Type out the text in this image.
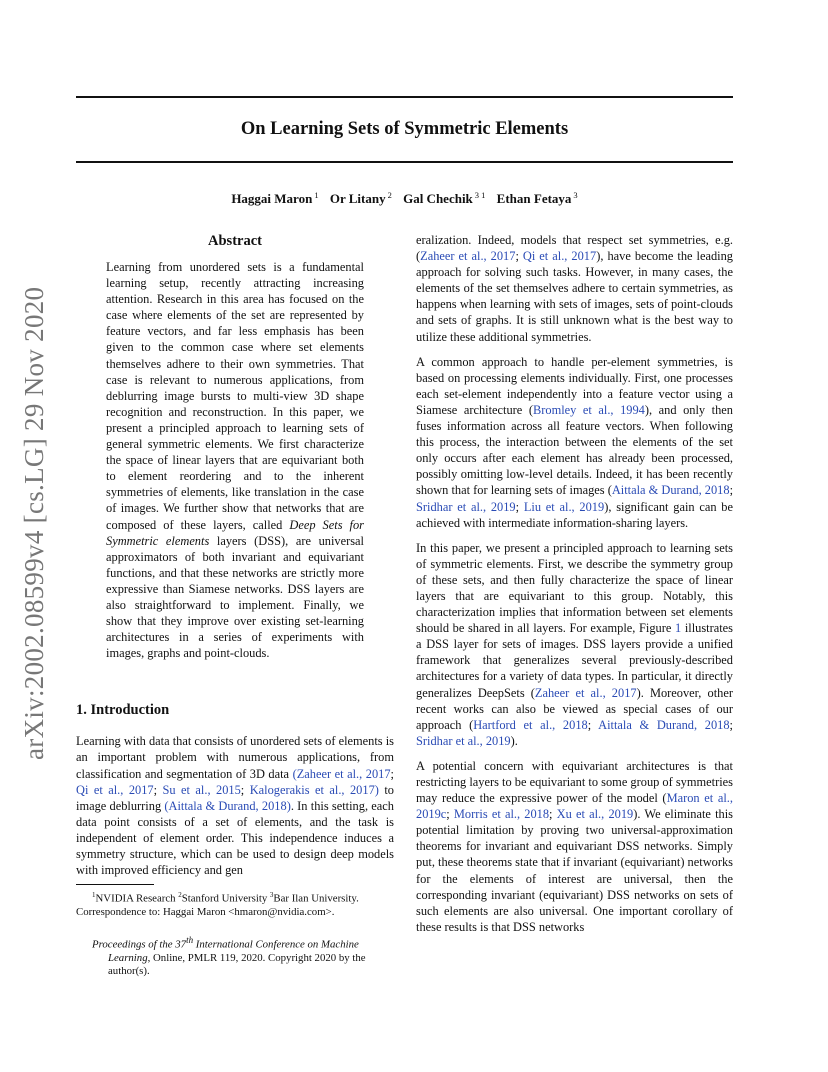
arXiv:2002.08599v4 [cs.LG] 29 Nov 2020
On Learning Sets of Symmetric Elements
Haggai Maron $^1$ Or Litany $^2$ Gal Chechik $^{3 1}$ Ethan Fetaya $^3$
Abstract

Learning from unordered sets is a fundamental learning setup, recently attracting increasing attention. Research in this area has focused on the case where elements of the set are represented by feature vectors, and far less emphasis has been given to the common case where set elements themselves adhere to their own symmetries. That case is relevant to numerous applications, from deblurring image bursts to multi-view 3D shape recognition and reconstruction. In this paper, we present a principled approach to learning sets of general symmetric elements. We first characterize the space of linear layers that are equivariant both to element reordering and to the inherent symmetries of elements, like translation in the case of images. We further show that networks that are composed of these layers, called Deep Sets for Symmetric elements layers (DSS), are universal approximators of both invariant and equivariant functions, and that these networks are strictly more expressive than Siamese networks. DSS layers are also straightforward to implement. Finally, we show that they improve over existing set-learning architectures in a series of experiments with images, graphs and point-clouds.

1. Introduction

Learning with data that consists of unordered sets of elements is an important problem with numerous applications, from classification and segmentation of 3D data (Zaheer et al., 2017; Qi et al., 2017; Su et al., 2015; Kalogerakis et al., 2017) to image deblurring (Aittala & Durand, 2018). In this setting, each data point consists of a set of elements, and the task is independent of element order. This independence induces a symmetry structure, which can be used to design deep models with improved efficiency and gen

$^1$NVIDIA Research $^2$Stanford University $^3$Bar Ilan University.

Correspondence to: Haggai Maron <hmaron@nvidia.com>.

Proceedings of the 37th International Conference on Machine Learning, Online, PMLR 119, 2020. Copyright 2020 by the author(s).

eralization. Indeed, models that respect set symmetries, e.g. (Zaheer et al., 2017; Qi et al., 2017), have become the leading approach for solving such tasks. However, in many cases, the elements of the set themselves adhere to certain symmetries, as happens when learning with sets of images, sets of point-clouds and sets of graphs. It is still unknown what is the best way to utilize these additional symmetries.

A common approach to handle per-element symmetries, is based on processing elements individually. First, one processes each set-element independently into a feature vector using a Siamese architecture (Bromley et al., 1994), and only then fuses information across all feature vectors. When following this process, the interaction between the elements of the set only occurs after each element has already been processed, possibly omitting low-level details. Indeed, it has been recently shown that for learning sets of images (Aittala & Durand, 2018; Sridhar et al., 2019; Liu et al., 2019), significant gain can be achieved with intermediate information-sharing layers.

In this paper, we present a principled approach to learning sets of symmetric elements. First, we describe the symmetry group of these sets, and then fully characterize the space of linear layers that are equivariant to this group. Notably, this characterization implies that information between set elements should be shared in all layers. For example, Figure 1 illustrates a DSS layer for sets of images. DSS layers provide a unified framework that generalizes several previously-described architectures for a variety of data types. In particular, it directly generalizes DeepSets (Zaheer et al., 2017). Moreover, other recent works can also be viewed as special cases of our approach (Hartford et al., 2018; Aittala & Durand, 2018; Sridhar et al., 2019).

A potential concern with equivariant architectures is that restricting layers to be equivariant to some group of symmetries may reduce the expressive power of the model (Maron et al., 2019c; Morris et al., 2018; Xu et al., 2019). We eliminate this potential limitation by proving two universal-approximation theorems for invariant and equivariant DSS networks. Simply put, these theorems state that if invariant (equivariant) networks for the elements of interest are universal, then the corresponding invariant (equivariant) DSS networks on sets of such elements are also universal. One important corollary of these results is that DSS networks
